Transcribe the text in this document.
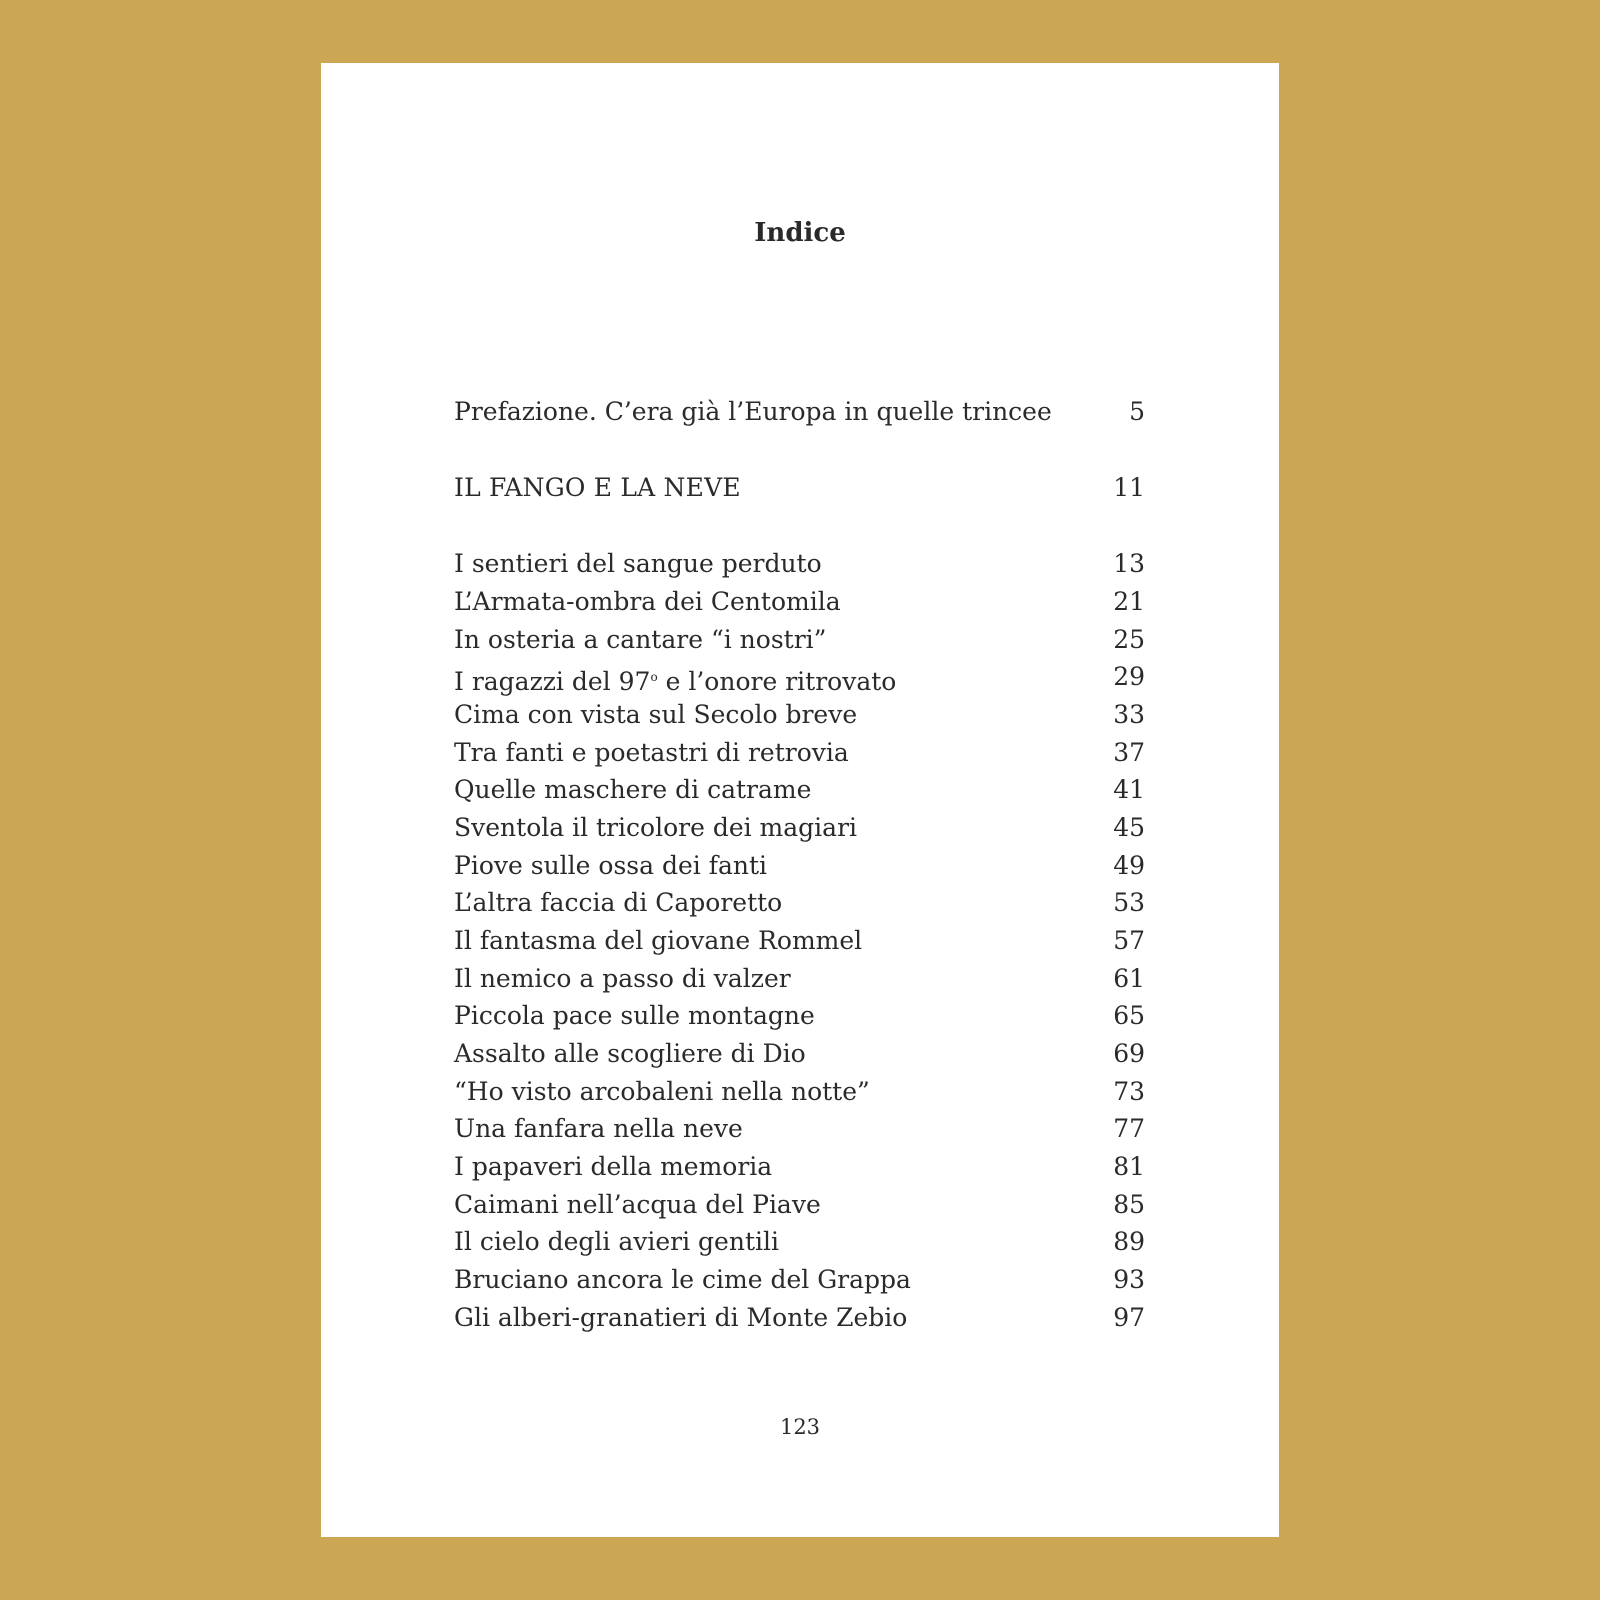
Indice
Prefazione. C’era già l’Europa in quelle trincee	5
IL FANGO E LA NEVE	11
I sentieri del sangue perduto	13
L’Armata-ombra dei Centomila	21
In osteria a cantare “i nostri”	25
I ragazzi del 97$^o$ e l’onore ritrovato	29
Cima con vista sul Secolo breve	33
Tra fanti e poetastri di retrovia	37
Quelle maschere di catrame	41
Sventola il tricolore dei magiari	45
Piove sulle ossa dei fanti	49
L’altra faccia di Caporetto	53
Il fantasma del giovane Rommel	57
Il nemico a passo di valzer	61
Piccola pace sulle montagne	65
Assalto alle scogliere di Dio	69
“Ho visto arcobaleni nella notte”	73
Una fanfara nella neve	77
I papaveri della memoria	81
Caimani nell’acqua del Piave	85
Il cielo degli avieri gentili	89
Bruciano ancora le cime del Grappa	93
Gli alberi-granatieri di Monte Zebio	97
123
